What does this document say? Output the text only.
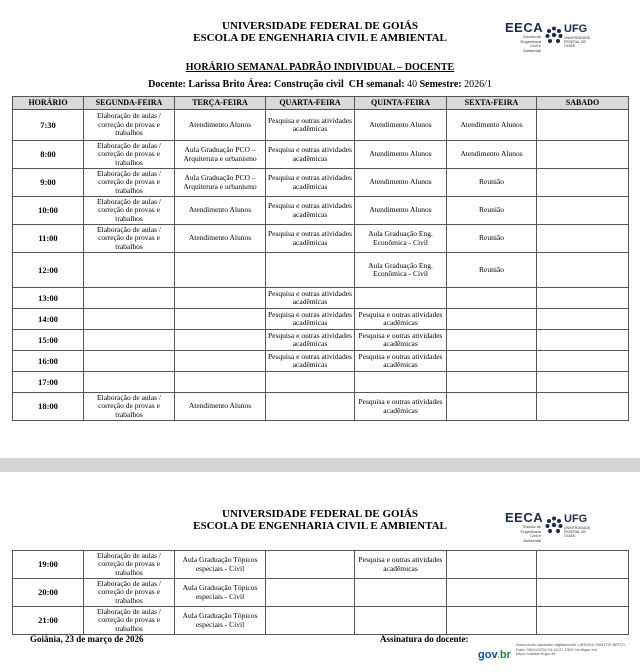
UNIVERSIDADE FEDERAL DE GOIÁS
ESCOLA DE ENGENHARIA CIVIL E AMBIENTAL
EECA
Escola de Engenharia Civil e Ambiental
UFG
UNIVERSIDADE FEDERAL DE GOIÁS
HORÁRIO SEMANAL PADRÃO INDIVIDUAL – DOCENTE
Docente: Larissa Brito Área: Construção civil CH semanal: 40 Semestre: 2026/1
HORÁRIO	SEGUNDA-FEIRA	TERÇA-FEIRA	QUARTA-FEIRA	QUINTA-FEIRA	SEXTA-FEIRA	SABADO
7:30	Elaboração de aulas / correção de provas e trabalhos	Atendimento Alunos	Pesquisa e outras atividades acadêmicas	Atendimento Alunos	Atendimento Alunos	
8:00	Elaboração de aulas / correção de provas e trabalhos	Aula Graduação PCO – Arquitetura e urbanismo	Pesquisa e outras atividades acadêmicas	Atendimento Alunos	Atendimento Alunos	
9:00	Elaboração de aulas / correção de provas e trabalhos	Aula Graduação PCO – Arquitetura e urbanismo	Pesquisa e outras atividades acadêmicas	Atendimento Alunos	Reunião	
10:00	Elaboração de aulas / correção de provas e trabalhos	Atendimento Alunos	Pesquisa e outras atividades acadêmicas	Atendimento Alunos	Reunião	
11:00	Elaboração de aulas / correção de provas e trabalhos	Atendimento Alunos	Pesquisa e outras atividades acadêmicas	Aula Graduação Eng. Econômica - Civil	Reunião	
12:00				Aula Graduação Eng. Econômica - Civil	Reunião	
13:00			Pesquisa e outras atividades acadêmicas			
14:00			Pesquisa e outras atividades acadêmicas	Pesquisa e outras atividades acadêmicas		
15:00			Pesquisa e outras atividades acadêmicas	Pesquisa e outras atividades acadêmicas		
16:00			Pesquisa e outras atividades acadêmicas	Pesquisa e outras atividades acadêmicas		
17:00						
18:00	Elaboração de aulas / correção de provas e trabalhos	Atendimento Alunos		Pesquisa e outras atividades acadêmicas		
UNIVERSIDADE FEDERAL DE GOIÁS
ESCOLA DE ENGENHARIA CIVIL E AMBIENTAL
EECA
Escola de Engenharia Civil e Ambiental
UFG
UNIVERSIDADE FEDERAL DE GOIÁS
19:00	Elaboração de aulas / correção de provas e trabalhos	Aula Graduação Tópicos especiais - Civil		Pesquisa e outras atividades acadêmicas		
20:00	Elaboração de aulas / correção de provas e trabalhos	Aula Graduação Tópicos especiais - Civil				
21:00	Elaboração de aulas / correção de provas e trabalhos	Aula Graduação Tópicos especiais - Civil				
Goiânia, 23 de março de 2026	Assinatura do docente:
gov.br
Documento assinado digitalmente LARISSA SANTOS BRITO Data: 08/04/2026 16:16:37-0300 Verifique em https://validar.iti.gov.br
